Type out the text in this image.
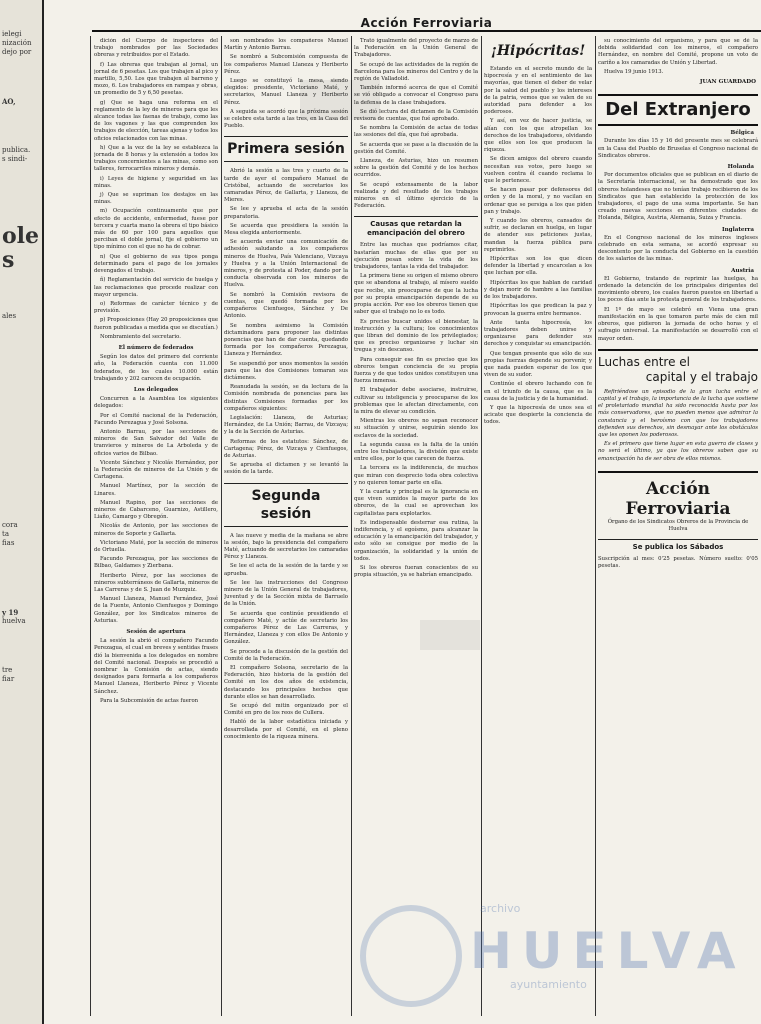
ielegi
nización
dejo por
AO,
publica.
s sindi-
oles
ales
cora
ta
fias
y 19
huelva
tre
fiar
Acción Ferroviaria

dición del Cuerpo de inspectores del trabajo nombrados por las Sociedades obreras y retribuidos por el Estado.

f) Las obreras que trabajan al jornal, un jornal de 6 pesetas. Los que trabajen al pico y martillo, 5,50. Los que trabajen al barreno y mozo, 6. Los trabajadores en rampas y obras, un promedio de 5 y 6,50 pesetas.

g) Que se haga una reforma en el reglamento de la ley de mineros para que les alcance todas las faenas de trabajo, como las de los vagones y las que comprenden los trabajos de elección, tareas ajenas y todos los oficios relacionados con las minas.

h) Que a la vez de la ley se establezca la jornada de 8 horas y la extensión a todos los trabajos concernientes a las minas, como son talleres, ferrocarriles mineros y demás.

i) Leyes de higiene y seguridad en las minas.

j) Que se supriman los destajos en las minas.

m) Ocupación continuamente que por efecto de accidente, enfermedad, fuese por tercera y cuarta mano la obrera el tipo básico más de 60 por 100 para aquellos que perciban el doble jornal, fije el gobierno un tipo mínimo con el que no ha de cobrar.

n) Que el gobierno de sus tipos ponga determinado para el pago de los jornales devengados el trabajo.

ñ) Reglamentación del servicio de huelga y las reclamaciones que procede realizar con mayor urgencia.

o) Reformas de carácter técnico y de previsión.

p) Proposiciones (Hay 20 proposiciones que fueron publicadas a medida que se discutían.)

Nombramiento del secretario.

El número de federados

Según los datos del primero del corriente año, la Federación cuenta con 11.000 federados, de los cuales 10.000 están trabajando y 202 carecen de ocupación.

Los delegados

Concurren a la Asamblea los siguientes delegados:

Por el Comité nacional de la Federación, Facundo Perezagua y José Solsona.

Antonio Barrau, por las secciones de mineros de San Salvador del Valle de tranvieros y mineros de La Arboleda y de oficios varios de Bilbao.

Vicente Sánchez y Nicolás Hernández, por la Federación de mineros de La Unión y de Cartagena.

Manuel Martínez, por la sección de Linares.

Manuel Rapino, por las secciones de mineros de Cabarceno, Guarnizo, Astillero, Liaño, Camargo y Obregón.

Nicolás de Antonio, por las secciones de mineros de Soporte y Gallarta.

Victoriano Maté, por la sección de mineros de Ortuella.

Facundo Perezagua, por las secciones de Bilbao, Galdames y Zierbana.

Heriberto Pérez, por las secciones de mineros subterráneos de Gallarta, mineros de Las Carreras y de S. Juan de Muzquiz.

Manuel Llaneza, Manuel Fernández, José de la Fuente, Antonio Cienfuegos y Domingo González, por los Sindicatos mineros de Asturias.

Sesión de apertura

La sesión la abrió el compañero Facundo Perezagua, el cual en breves y sentidas frases dió la bienvenida a los delegados en nombre del Comité nacional. Después se procedió a nombrar la Comisión de actas, siendo designados para formarla a los compañeros Manuel Llaneza, Heriberto Pérez y Vicente Sánchez.

Para la Subcomisión de actas fueron

son nombrados los compañeros Manuel Martín y Antonio Barrau.

Se nombró a Subcomisión compuesta de los compañeros Manuel Llaneza y Heriberto Pérez.

Luego se constituyó la mesa, siendo elegidos: presidente, Victoriano Maté, y secretarios, Manuel Llaneza y Heriberto Pérez.

A seguida se acordó que la próxima sesión se celebre esta tarde a las tres, en la Casa del Pueblo.

Primera sesión

Abrió la sesión a las tres y cuarto de la tarde de ayer el compañero Manuel de Cristóbal, actuando de secretarios los camaradas Pérez, de Gallarta, y Llaneza, de Mieres.

Se lee y aprueba el acta de la sesión preparatoria.

Se acuerda que presidiera la sesión la Mesa elegida anteriormente.

Se acuerda enviar una comunicación de adhesión saludando a los compañeros mineros de Huelva, País Valenciano, Vizcaya y Huelva y a la Unión Internacional de mineros, y de protesta al Poder, dando por la conducta observada con los mineros de Huelva.

Se nombró la Comisión revisora de cuentas, que quedó formada por los compañeros Cienfuegos, Sánchez y De Antonio.

Se nombra asimismo la Comisión dictaminadora para proponer las distintas ponencias que han de dar cuenta, quedando formada por los compañeros Perezagua, Llaneza y Hernández.

Se suspendió por unos momentos la sesión para que las dos Comisiones tomaran sus dictámenes.

Reanudada la sesión, se da lectura de la Comisión nombrada de ponencias para las distintas Comisiones formadas por los compañeros siguientes:

Legislación: Llaneza, de Asturias; Hernández, de La Unión; Barrau, de Vizcaya; y la de la Sección de Asturias.

Reformas de los estatutos: Sánchez, de Cartagena; Pérez, de Vizcaya y Cienfuegos, de Asturias.

Se aprueba el dictamen y se levantó la sesión de la tarde.

Segunda sesión

A las nueve y media de la mañana se abre la sesión, bajo la presidencia del compañero Maté, actuando de secretarios los camaradas Pérez y Llaneza.

Se lee el acta de la sesión de la tarde y se aprueba.

Se lee las instrucciones del Congreso minero de la Unión General de trabajadores, Juventud y de la Sección mixta de Barruelo de la Unión.

Se acuerda que continúe presidiendo el compañero Maté, y actúe de secretario los compañeros Pérez de Las Carreras, y Hernández, Llaneza y con ellos De Antonio y González.

Se procede a la discusión de la gestión del Comité de la Federación.

El compañero Solsona, secretario de la Federación, hizo historia de la gestión del Comité en los dos años de existencia, destacando los principales hechos que durante ellos se han desarrollado.

Se ocupó del mitin organizado por el Comité en pro de los reos de Cullera.

Habló de la labor estadística iniciada y desarrollada por el Comité, en el pleno conocimiento de la riqueza minera.

Trató igualmente del proyecto de marzo de la Federación en la Unión General de Trabajadores.

Se ocupó de las actividades de la región de Barcelona para los mineros del Centro y de la región de Valladolid.

También informó acerca de que el Comité se vió obligado a convocar el Congreso para la defensa de la clase trabajadora.

Se dió lectura del dictamen de la Comisión revisora de cuentas, que fué aprobado.

Se nombra la Comisión de actas de todas las sesiones del día, que fué aprobada.

Se acuerda que se pase a la discusión de la gestión del Comité.

Llaneza, de Asturias, hizo un resumen sobre la gestión del Comité y de los hechos ocurridos.

Se ocupó extensamente de la labor realizada y del resultado de los trabajos mineros en el último ejercicio de la Federación.

Causas que retardan la emancipación del obrero

Entre las muchas que podríamos citar, bastarían muchas de ellas que por su ejecución pesan sobre la vida de los trabajadores, tantas la vida del trabajador.

La primera tiene su origen el mismo obrero que se abandona al trabajo, al mísero sueldo que recibe, sin preocuparse de que la lucha por su propia emancipación depende de su propia acción. Por eso los obreros tienen que saber que el trabajo no lo es todo.

Es preciso buscar unidos el bienestar, la instrucción y la cultura; los conocimientos que libran del dominio de los privilegiados; que es preciso organizarse y luchar sin tregua y sin descanso.

Para conseguir ese fin es preciso que los obreros tengan conciencia de su propia fuerza y de que todos unidos constituyen una fuerza inmensa.

El trabajador debe asociarse, instruirse, cultivar su inteligencia y preocuparse de los problemas que le afectan directamente, con la mira de elevar su condición.

Mientras los obreros no sepan reconocer su situación y unirse, seguirán siendo los esclavos de la sociedad.

La segunda causa es la falta de la unión entre los trabajadores, la división que existe entre ellos, por lo que carecen de fuerza.

La tercera es la indiferencia, de muchos que miran con desprecio toda obra colectiva y no quieren tomar parte en ella.

Y la cuarta y principal es la ignorancia en que viven sumidos la mayor parte de los obreros, de la cual se aprovechan los capitalistas para explotarlos.

Es indispensable desterrar esa rutina, la indiferencia, y el egoísmo, para alcanzar la educación y la emancipación del trabajador, y esto sólo se consigue por medio de la organización, la solidaridad y la unión de todos.

Si los obreros fueran conscientes de su propia situación, ya se habrían emancipado.

¡Hipócritas!

Estando en el secreto mundo de la hipocresía y en el sentimiento de las mayorías, que tienen el deber de velar por la salud del pueblo y los intereses de la patria, vemos que se valen de su autoridad para defender a los poderosos.

Y así, en vez de hacer justicia, se alían con los que atropellan los derechos de los trabajadores, olvidando que ellos son los que producen la riqueza.

Se dicen amigos del obrero cuando necesitan sus votos, pero luego se vuelven contra él cuando reclama lo que le pertenece.

Se hacen pasar por defensores del orden y de la moral, y no vacilan en ordenar que se persiga a los que piden pan y trabajo.

Y cuando los obreros, cansados de sufrir, se declaran en huelga, en lugar de atender sus peticiones justas, mandan la fuerza pública para reprimirlos.

Hipócritas son los que dicen defender la libertad y encarcelan a los que luchan por ella.

Hipócritas los que hablan de caridad y dejan morir de hambre a las familias de los trabajadores.

Hipócritas los que predican la paz y provocan la guerra entre hermanos.

Ante tanta hipocresía, los trabajadores deben unirse y organizarse para defender sus derechos y conquistar su emancipación.

Que tengan presente que sólo de sus propias fuerzas depende su porvenir, y que nada pueden esperar de los que viven de su sudor.

Continúe el obrero luchando con fe en el triunfo de la causa, que es la causa de la justicia y de la humanidad.

Y que la hipocresía de unos sea el acicate que despierte la conciencia de todos.

su conocimiento del organismo, y para que se dé la debida solidaridad con los mineros, el compañero Hernández, en nombre del Comité, propone un voto de cariño a los camaradas de Unión y Libertad.

Huelva 19 junio 1913.

JUAN GUARDADO
Del Extranjero
Bélgica

Durante los días 15 y 16 del presente mes se celebrará en la Casa del Pueblo de Bruselas el Congreso nacional de Sindicatos obreros.

Holanda

Por documentos oficiales que se publican en el diario de la Secretaría internacional, se ha demostrado que los obreros holandeses que no tenían trabajo recibieron de los Sindicatos que han establecido la protección de los trabajadores, el pago de una suma importante. Se han creado nuevas secciones en diferentes ciudades de Holanda, Bélgica, Austria, Alemania, Suiza y Francia.

Inglaterra

En el Congreso nacional de los mineros ingleses celebrado en esta semana, se acordó expresar su descontento por la conducta del Gobierno en la cuestión de los salarios de las minas.

Austria

El Gobierno, tratando de reprimir las huelgas, ha ordenado la detención de los principales dirigentes del movimiento obrero, los cuales fueron puestos en libertad a los pocos días ante la protesta general de los trabajadores.

El 1º de mayo se celebró en Viena una gran manifestación en la que tomaron parte más de cien mil obreros, que pidieron la jornada de ocho horas y el sufragio universal. La manifestación se desarrolló con el mayor orden.

Luchas entre el
capital y el trabajo

Refiriéndose un episodio de la gran lucha entre el capital y el trabajo, la importancia de la lucha que sostiene el proletariado mundial ha sido reconocida hasta por los más conservadores, que no pueden menos que admirar la constancia y el heroísmo con que los trabajadores defienden sus derechos, sin desmayar ante los obstáculos que les oponen los poderosos.

Es el primero que tiene lugar en esta guerra de clases y no será el último, ya que los obreros saben que su emancipación ha de ser obra de ellos mismos.

Acción Ferroviaria

Órgano de los Sindicatos Obreros de la Provincia de Huelva

Se publica los Sábados

Suscripción al mes: 0'25 pesetas. Número suelto: 0'05 pesetas.

archivo
HUELVA
ayuntamiento
